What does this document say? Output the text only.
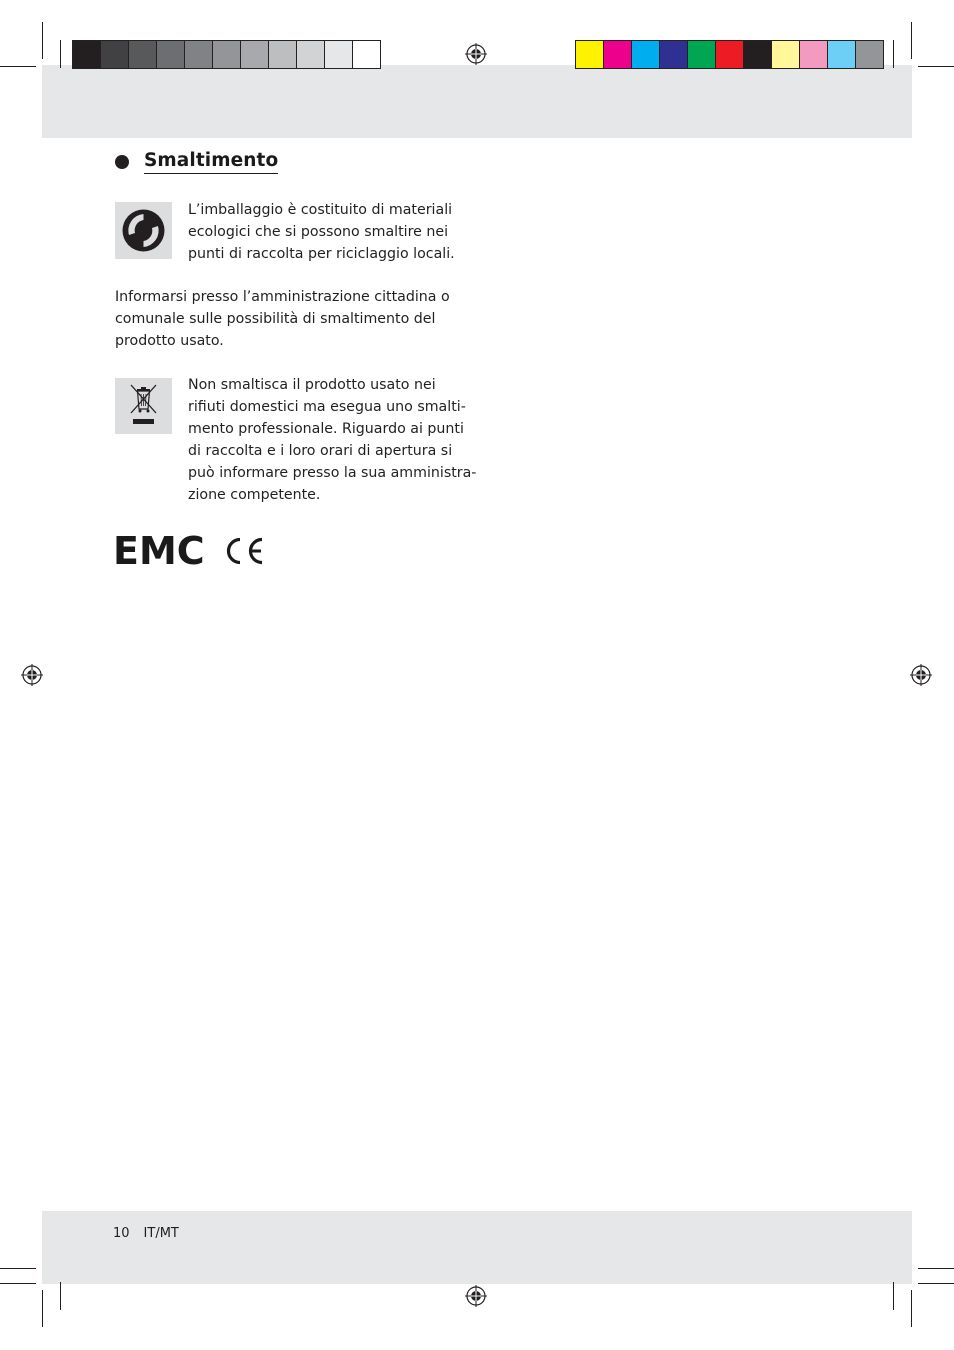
Smaltimento

L’imballaggio è costituito di materiali

ecologici che si possono smaltire nei

punti di raccolta per riciclaggio locali.

Informarsi presso l’amministrazione cittadina o

comunale sulle possibilità di smaltimento del

prodotto usato.

Non smaltisca il prodotto usato nei

rifiuti domestici ma esegua uno smalti-

mento professionale. Riguardo ai punti

di raccolta e i loro orari di apertura si

può informare presso la sua amministra-

zione competente.

EMC
10 IT/MT
